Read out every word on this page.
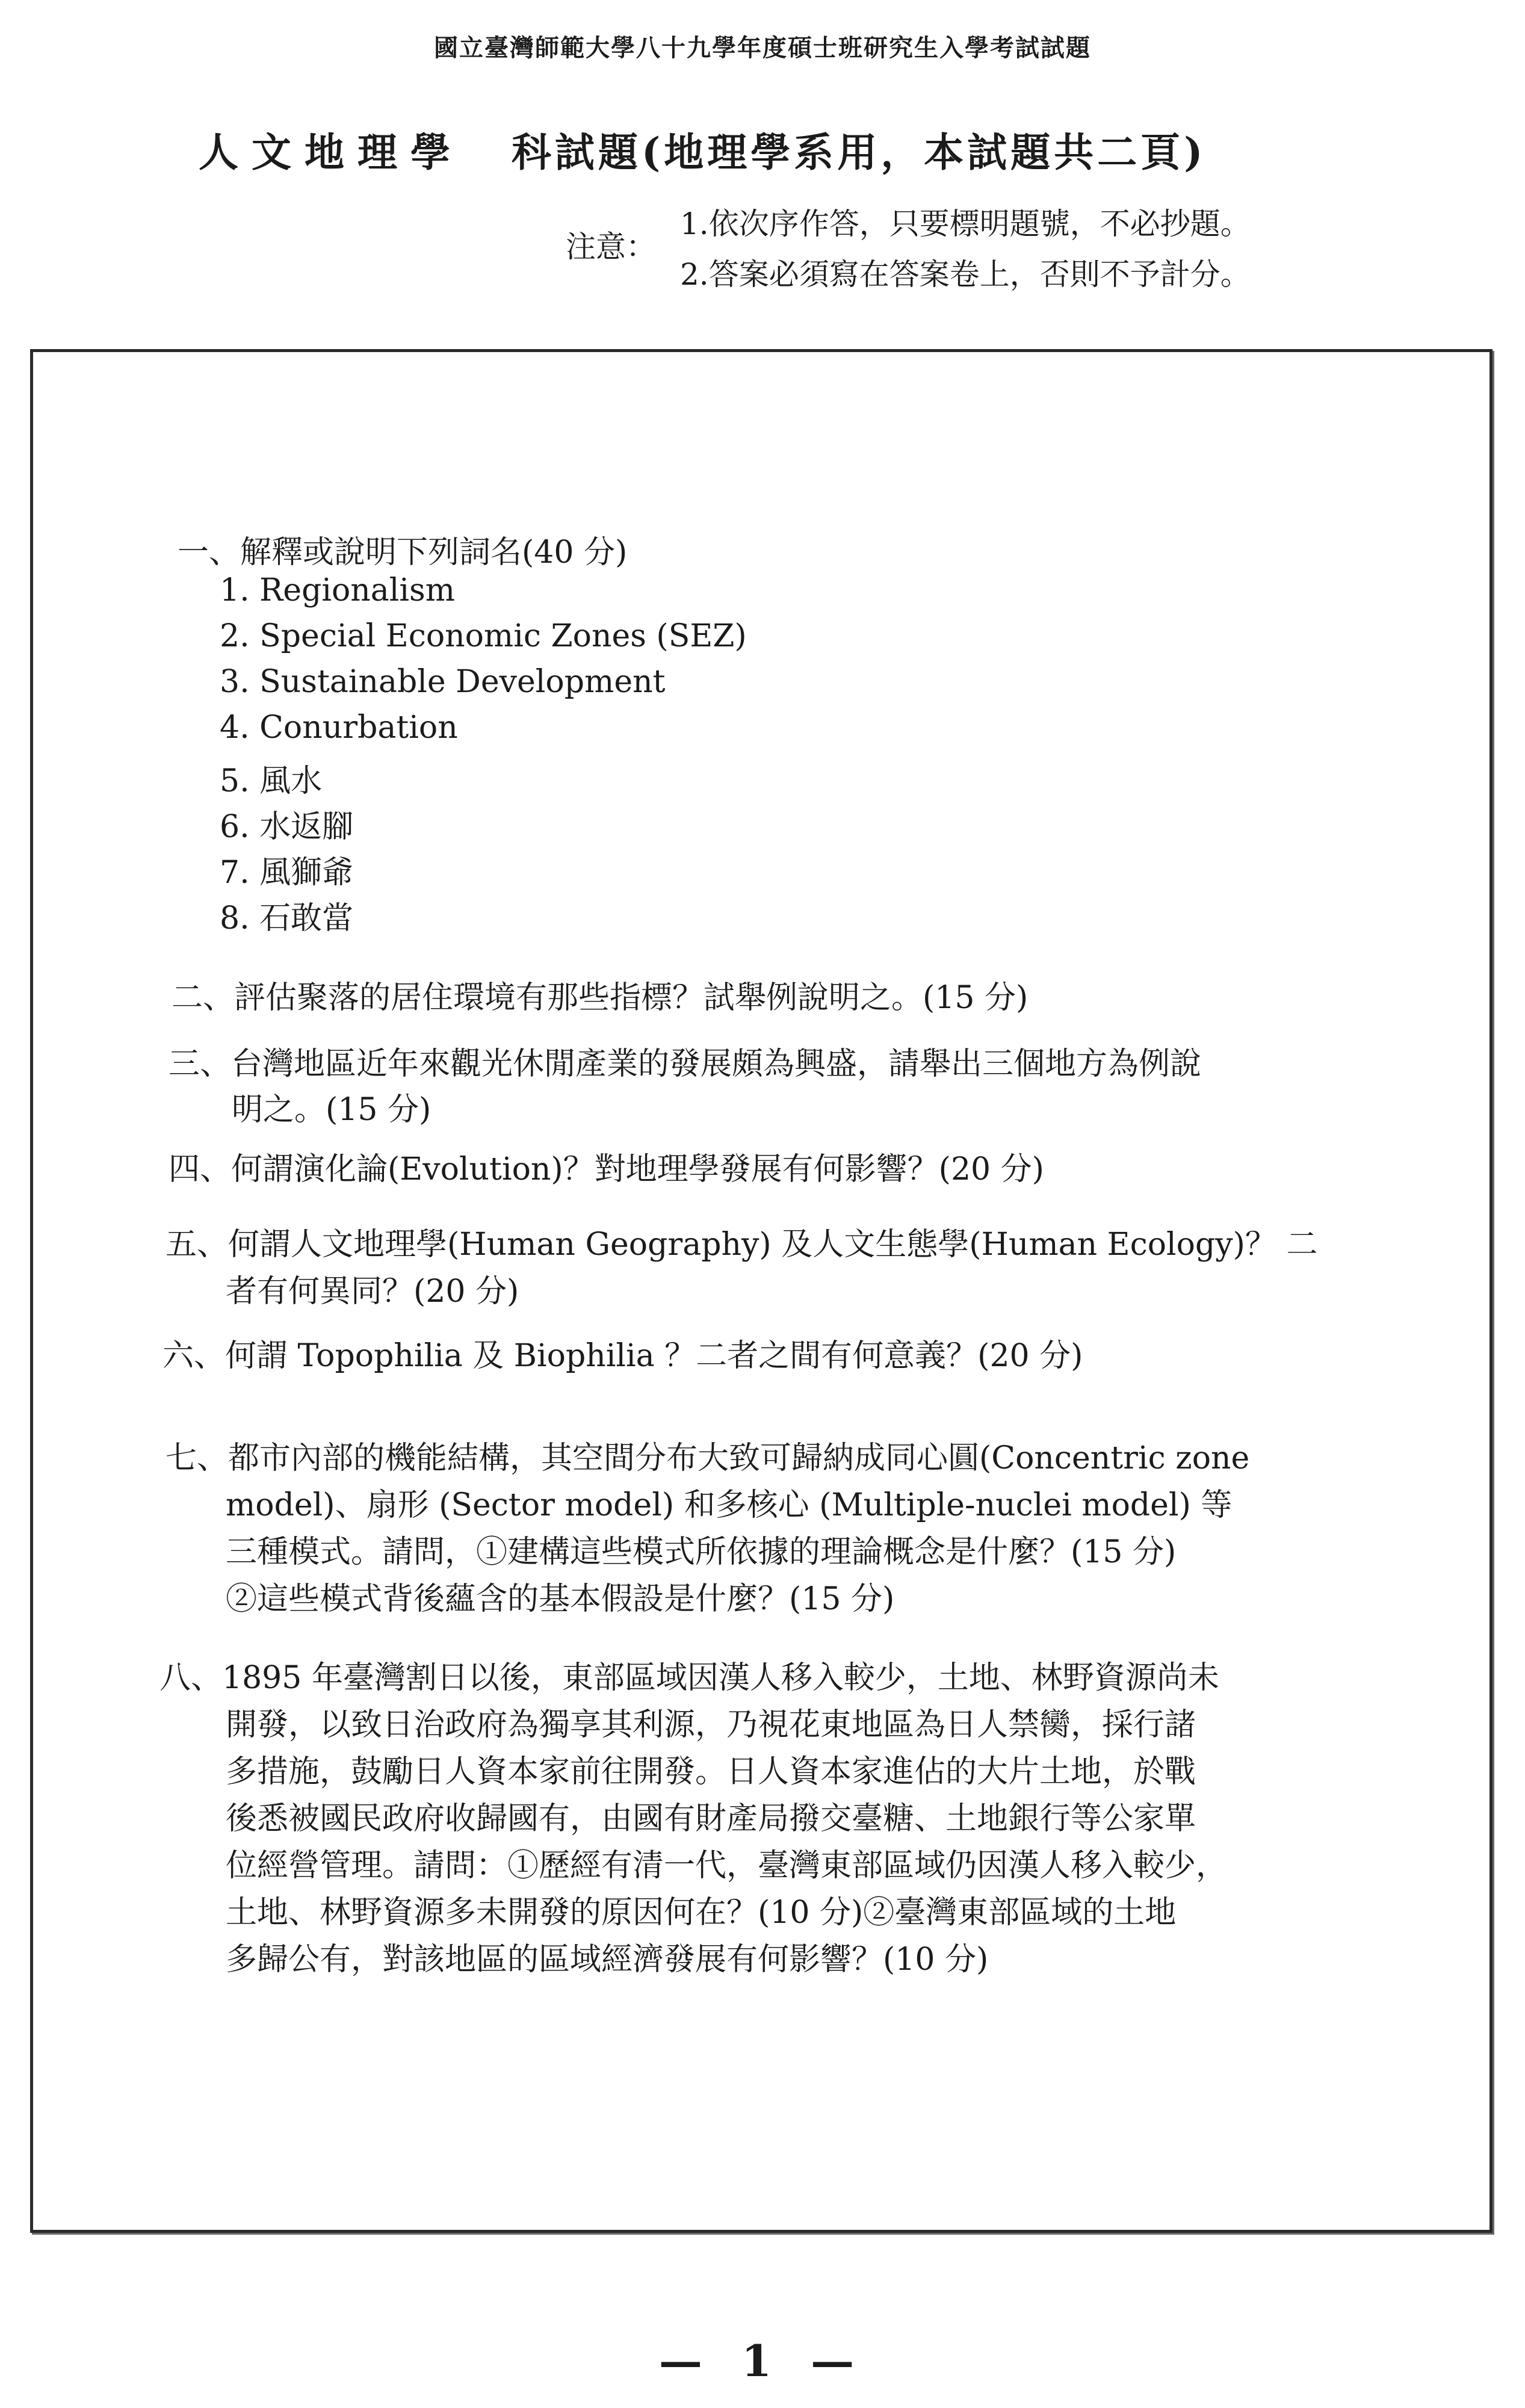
國立臺灣師範大學八十九學年度碩士班研究生入學考試試題
人文地理學 科試題(地理學系用，本試題共二頁)
注意：
1.依次序作答，只要標明題號，不必抄題。
2.答案必須寫在答案卷上，否則不予計分。
一、解釋或說明下列詞名(40 分)
1. Regionalism
2. Special Economic Zones (SEZ)
3. Sustainable Development
4. Conurbation
5. 風水
6. 水返腳
7. 風獅爺
8. 石敢當
二、評估聚落的居住環境有那些指標？試舉例說明之。(15 分)
三、台灣地區近年來觀光休閒產業的發展頗為興盛，請舉出三個地方為例說
明之。(15 分)
四、何謂演化論(Evolution)？對地理學發展有何影響？(20 分)
五、何謂人文地理學(Human Geography) 及人文生態學(Human Ecology)？ 二
者有何異同？(20 分)
六、何謂 Topophilia 及 Biophilia ？二者之間有何意義？(20 分)
七、都市內部的機能結構，其空間分布大致可歸納成同心圓(Concentric zone
model)、扇形 (Sector model) 和多核心 (Multiple-nuclei model) 等
三種模式。請問，①建構這些模式所依據的理論概念是什麼？(15 分)
②這些模式背後蘊含的基本假設是什麼？(15 分)
八、1895 年臺灣割日以後，東部區域因漢人移入較少，土地、林野資源尚未
開發，以致日治政府為獨享其利源，乃視花東地區為日人禁臠，採行諸
多措施，鼓勵日人資本家前往開發。日人資本家進佔的大片土地，於戰
後悉被國民政府收歸國有，由國有財產局撥交臺糖、土地銀行等公家單
位經營管理。請問：①歷經有清一代，臺灣東部區域仍因漢人移入較少，
土地、林野資源多未開發的原因何在？(10 分)②臺灣東部區域的土地
多歸公有，對該地區的區域經濟發展有何影響？(10 分)
— 1 —
